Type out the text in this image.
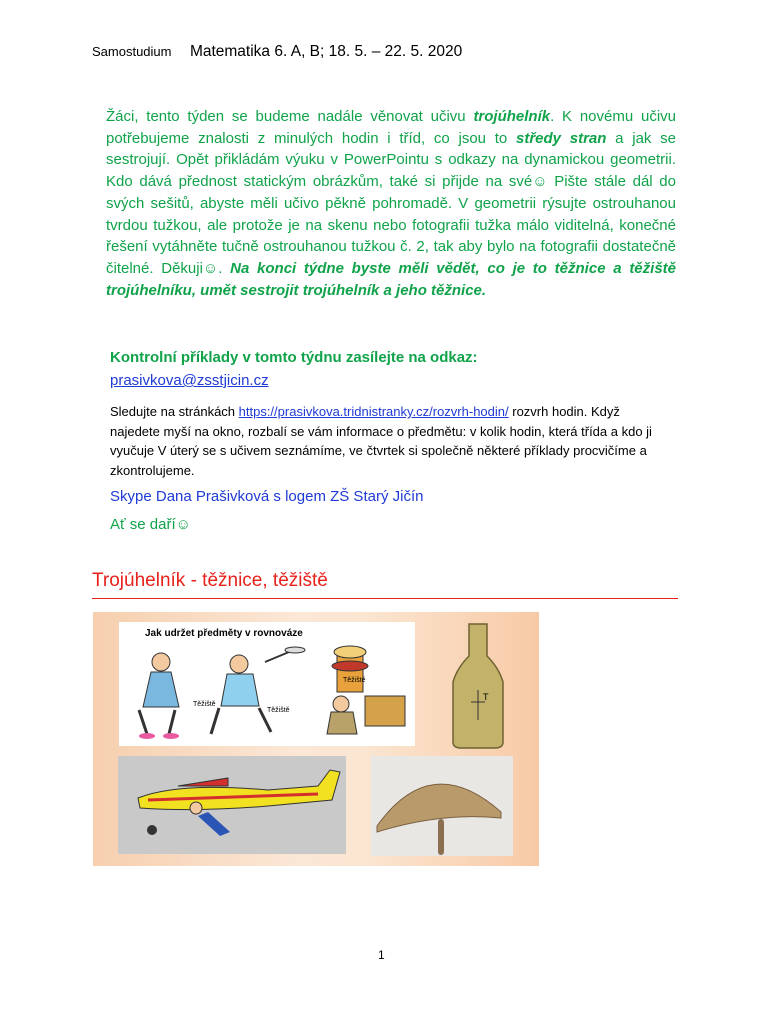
Samostudium Matematika 6. A, B; 18. 5. – 22. 5. 2020
Žáci, tento týden se budeme nadále věnovat učivu trojúhelník. K novému učivu potřebujeme znalosti z minulých hodin i tříd, co jsou to středy stran a jak se sestrojují. Opět přikládám výuku v PowerPointu s odkazy na dynamickou geometrii. Kdo dává přednost statickým obrázkům, také si přijde na své☺ Pište stále dál do svých sešitů, abyste měli učivo pěkně pohromadě. V geometrii rýsujte ostrouhanou tvrdou tužkou, ale protože je na skenu nebo fotografii tužka málo viditelná, konečné řešení vytáhněte tučně ostrouhanou tužkou č. 2, tak aby bylo na fotografii dostatečně čitelné. Děkuji☺. Na konci týdne byste měli vědět, co je to těžnice a těžiště trojúhelníku, umět sestrojit trojúhelník a jeho těžnice.
Kontrolní příklady v tomto týdnu zasílejte na odkaz:
prasivkova@zsstjicin.cz
Sledujte na stránkách https://prasivkova.tridnistranky.cz/rozvrh-hodin/ rozvrh hodin. Když najedete myší na okno, rozbalí se vám informace o předmětu: v kolik hodin, která třída a kdo ji vyučuje V úterý se s učivem seznámíme, ve čtvrtek si společně některé příklady procvičíme a zkontrolujeme.
Skype Dana Prašivková s logem ZŠ Starý Jičín
Ať se daří☺
Trojúhelník - těžnice, těžiště
Jak udržet předměty v rovnováze
Těžiště
Těžiště
Těžiště
T
1
